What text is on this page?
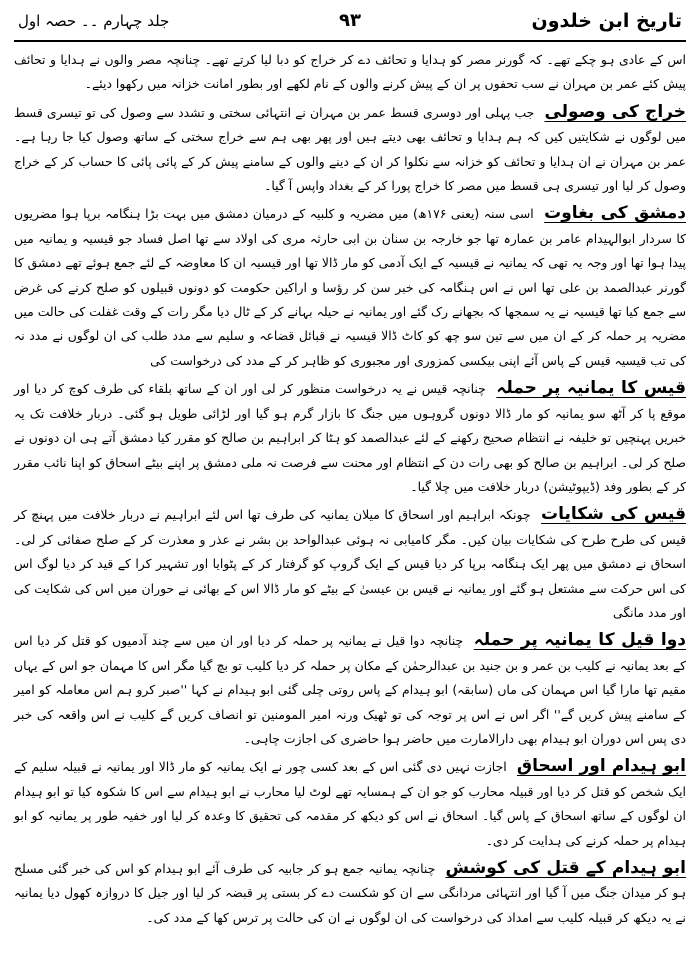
تاریخ ابن خلدون
۹۳
جلد چہارم ۔۔ حصہ اول

اس کے عادی ہو چکے تھے۔ کہ گورنر مصر کو ہدایا و تحائف دے کر خراج کو دبا لیا کرتے تھے۔ چنانچہ مصر والوں نے ہدایا و تحائف پیش کئے عمر بن مہران نے سب تحفوں پر ان کے پیش کرنے والوں کے نام لکھے اور بطور امانت خزانہ میں رکھوا دیئے۔

خراج کی وصولی جب پہلی اور دوسری قسط عمر بن مہران نے انتہائی سختی و تشدد سے وصول کی تو تیسری قسط میں لوگوں نے شکایتیں کیں کہ ہم ہدایا و تحائف بھی دیتے ہیں اور پھر بھی ہم سے خراج سختی کے ساتھ وصول کیا جا رہا ہے۔ عمر بن مہران نے ان ہدایا و تحائف کو خزانہ سے نکلوا کر ان کے دینے والوں کے سامنے پیش کر کے پائی پائی کا حساب کر کے خراج وصول کر لیا اور تیسری ہی قسط میں مصر کا خراج پورا کر کے بغداد واپس آ گیا۔

دمشق کی بغاوت اسی سنہ (یعنی ۱۷۶ھ) میں مضریہ و کلبیہ کے درمیان دمشق میں بہت بڑا ہنگامہ برپا ہوا مضریوں کا سردار ابوالہیدام عامر بن عمارہ تھا جو خارجہ بن سنان بن ابی حارثہ مری کی اولاد سے تھا اصل فساد جو قیسیہ و یمانیہ میں پیدا ہوا تھا اور وجہ یہ تھی کہ یمانیہ نے قیسیہ کے ایک آدمی کو مار ڈالا تھا اور قیسیہ ان کا معاوضہ کے لئے جمع ہوئے تھے دمشق کا گورنر عبدالصمد بن علی تھا اس نے اس ہنگامہ کی خبر سن کر رؤسا و اراکین حکومت کو دونوں قبیلوں کو صلح کرنے کی غرض سے جمع کیا تھا قیسیہ نے یہ سمجھا کہ بجھانے رک گئے اور یمانیہ نے حیلہ بہانے کر کے ٹال دیا مگر رات کے وقت غفلت کی حالت میں مضریہ پر حملہ کر کے ان میں سے تین سو چھ کو کاٹ ڈالا قیسیہ نے قبائل قضاعہ و سلیم سے مدد طلب کی ان لوگوں نے مدد نہ کی تب قیسیہ قیس کے پاس آئے اپنی بیکسی کمزوری اور مجبوری کو ظاہر کر کے مدد کی درخواست کی

قیس کا یمانیہ پر حملہ چنانچہ قیس نے یہ درخواست منظور کر لی اور ان کے ساتھ بلقاء کی طرف کوچ کر دیا اور موقع پا کر آٹھ سو یمانیہ کو مار ڈالا دونوں گروہوں میں جنگ کا بازار گرم ہو گیا اور لڑائی طویل ہو گئی۔ دربار خلافت تک یہ خبریں پہنچیں تو خلیفہ نے انتظام صحیح رکھنے کے لئے عبدالصمد کو ہٹا کر ابراہیم بن صالح کو مقرر کیا دمشق آتے ہی ان دونوں نے صلح کر لی۔ ابراہیم بن صالح کو بھی رات دن کے انتظام اور محنت سے فرصت نہ ملی دمشق پر اپنے بیٹے اسحاق کو اپنا نائب مقرر کر کے بطور وفد (ڈیپوٹیشن) دربار خلافت میں چلا گیا۔

قیس کی شکایات چونکہ ابراہیم اور اسحاق کا میلان یمانیہ کی طرف تھا اس لئے ابراہیم نے دربار خلافت میں پہنچ کر قیس کی طرح طرح کی شکایات بیان کیں۔ مگر کامیابی نہ ہوئی عبدالواحد بن بشر نے عذر و معذرت کر کے صلح صفائی کر لی۔ اسحاق نے دمشق میں پھر ایک ہنگامہ برپا کر دیا قیس کے ایک گروپ کو گرفتار کر کے پٹوایا اور تشہیر کرا کے قید کر دیا لوگ اس کی اس حرکت سے مشتعل ہو گئے اور یمانیہ نے قیس بن عیسیٰ کے بیٹے کو مار ڈالا اس کے بھائی نے حوران میں اس کی شکایت کی اور مدد مانگی

دوا قیل کا یمانیہ پر حملہ چنانچہ دوا قیل نے یمانیہ پر حملہ کر دیا اور ان میں سے چند آدمیوں کو قتل کر دیا اس کے بعد یمانیہ نے کلیب بن عمر و بن جنید بن عبدالرحمٰن کے مکان پر حملہ کر دیا کلیب تو بچ گیا مگر اس کا مہمان جو اس کے یہاں مقیم تھا مارا گیا اس مہمان کی ماں (سابقہ) ابو ہیدام کے پاس روتی چلی گئی ابو ہیدام نے کہا ''صبر کرو ہم اس معاملہ کو امیر کے سامنے پیش کریں گے'' اگر اس نے اس پر توجہ کی تو ٹھیک ورنہ امیر المومنین تو انصاف کریں گے کلیب نے اس واقعہ کی خبر دی پس اس دوران ابو ہیدام بھی دارالامارت میں حاضر ہوا حاضری کی اجازت چاہی۔

ابو ہیدام اور اسحاق اجازت نہیں دی گئی اس کے بعد کسی چور نے ایک یمانیہ کو مار ڈالا اور یمانیہ نے قبیلہ سلیم کے ایک شخص کو قتل کر دیا اور قبیلہ محارب کو جو ان کے ہمسایہ تھے لوٹ لیا محارب نے ابو ہیدام سے اس کا شکوہ کیا تو ابو ہیدام ان لوگوں کے ساتھ اسحاق کے پاس گیا۔ اسحاق نے اس کو دیکھ کر مقدمہ کی تحقیق کا وعدہ کر لیا اور خفیہ طور پر یمانیہ کو ابو ہیدام پر حملہ کرنے کی ہدایت کر دی۔

ابو ہیدام کے قتل کی کوشش چنانچہ یمانیہ جمع ہو کر جابیہ کی طرف آئے ابو ہیدام کو اس کی خبر گئی مسلح ہو کر میدان جنگ میں آ گیا اور انتہائی مردانگی سے ان کو شکست دے کر بستی پر قبضہ کر لیا اور جیل کا دروازہ کھول دیا یمانیہ نے یہ دیکھ کر قبیلہ کلیب سے امداد کی درخواست کی ان لوگوں نے ان کی حالت پر ترس کھا کے مدد کی۔
